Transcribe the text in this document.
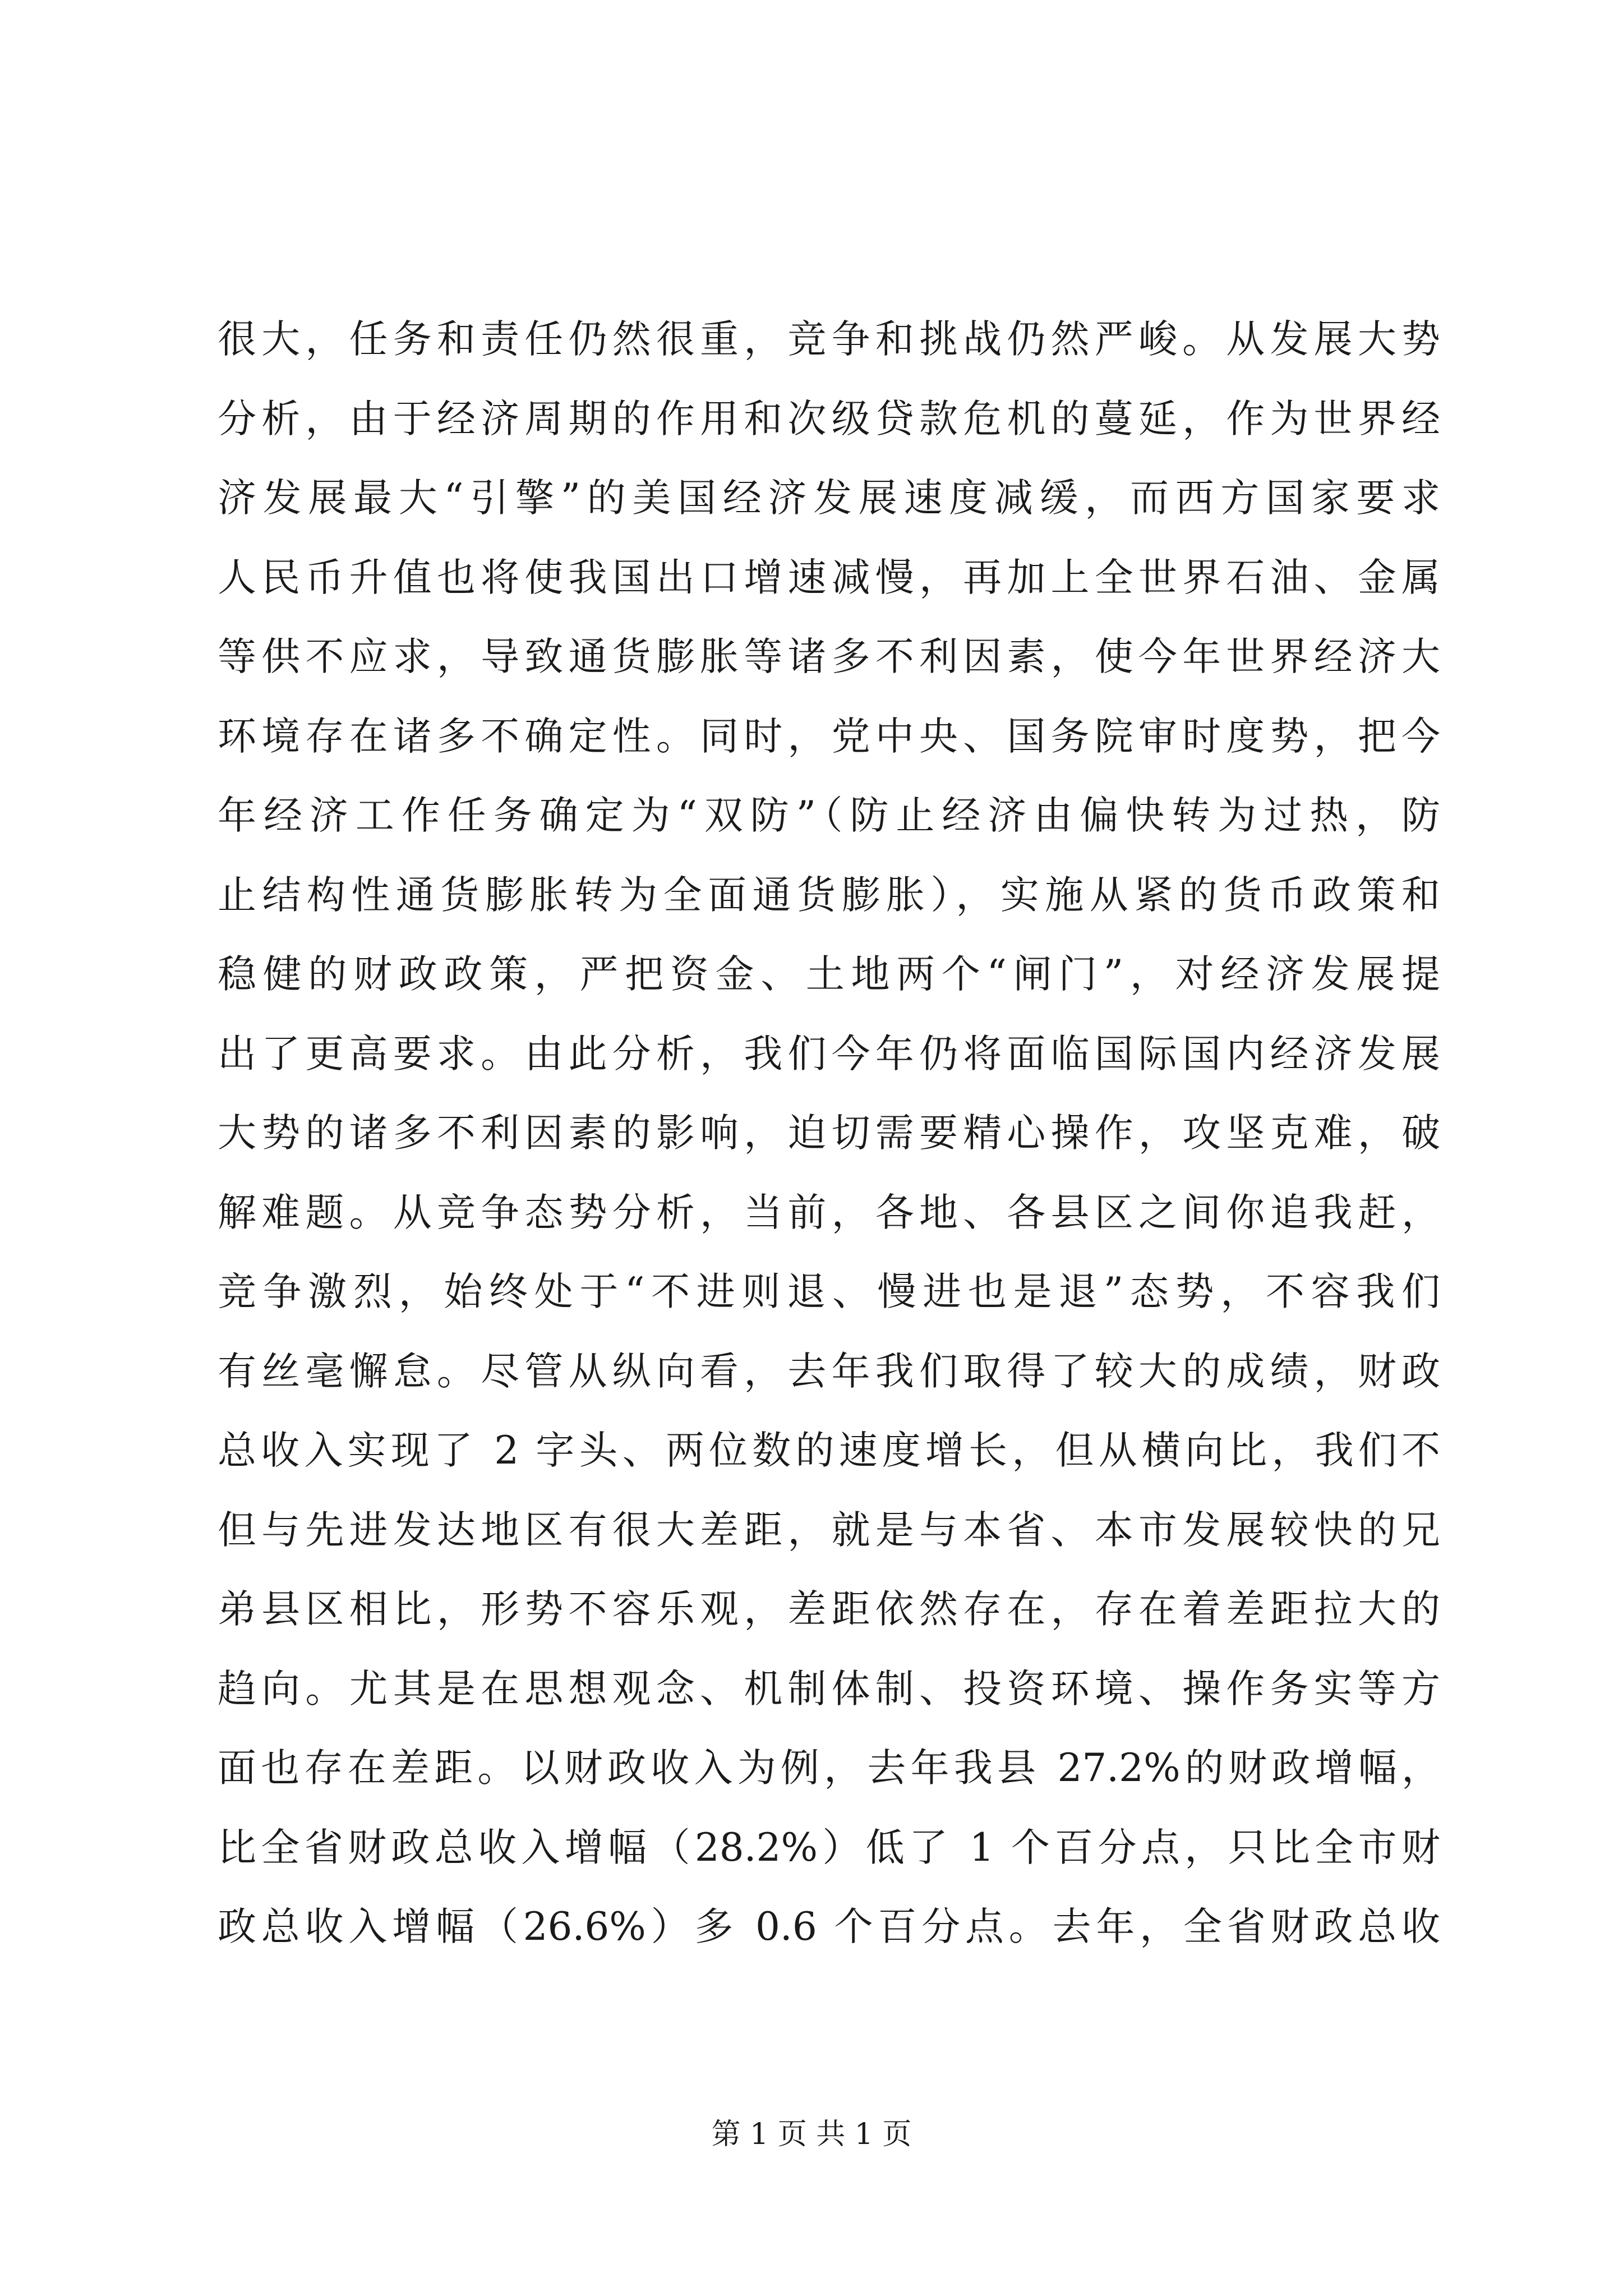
很大，任务和责任仍然很重，竞争和挑战仍然严峻。从发展大势
分析，由于经济周期的作用和次级贷款危机的蔓延，作为世界经
济发展最大“引擎”的美国经济发展速度减缓，而西方国家要求
人民币升值也将使我国出口增速减慢，再加上全世界石油、金属
等供不应求，导致通货膨胀等诸多不利因素，使今年世界经济大
环境存在诸多不确定性。同时，党中央、国务院审时度势，把今
年经济工作任务确定为“双防”（防止经济由偏快转为过热，防
止结构性通货膨胀转为全面通货膨胀），实施从紧的货币政策和
稳健的财政政策，严把资金、土地两个“闸门”，对经济发展提
出了更高要求。由此分析，我们今年仍将面临国际国内经济发展
大势的诸多不利因素的影响，迫切需要精心操作，攻坚克难，破
解难题。从竞争态势分析，当前，各地、各县区之间你追我赶，
竞争激烈，始终处于“不进则退、慢进也是退”态势，不容我们
有丝毫懈怠。尽管从纵向看，去年我们取得了较大的成绩，财政
总收入实现了 2 字头、两位数的速度增长，但从横向比，我们不
但与先进发达地区有很大差距，就是与本省、本市发展较快的兄
弟县区相比，形势不容乐观，差距依然存在，存在着差距拉大的
趋向。尤其是在思想观念、机制体制、投资环境、操作务实等方
面也存在差距。以财政收入为例，去年我县 27.2%的财政增幅，
比全省财政总收入增幅（28.2%）低了 1 个百分点，只比全市财
政总收入增幅（26.6%）多 0.6 个百分点。去年，全省财政总收
第 1 页 共 1 页
